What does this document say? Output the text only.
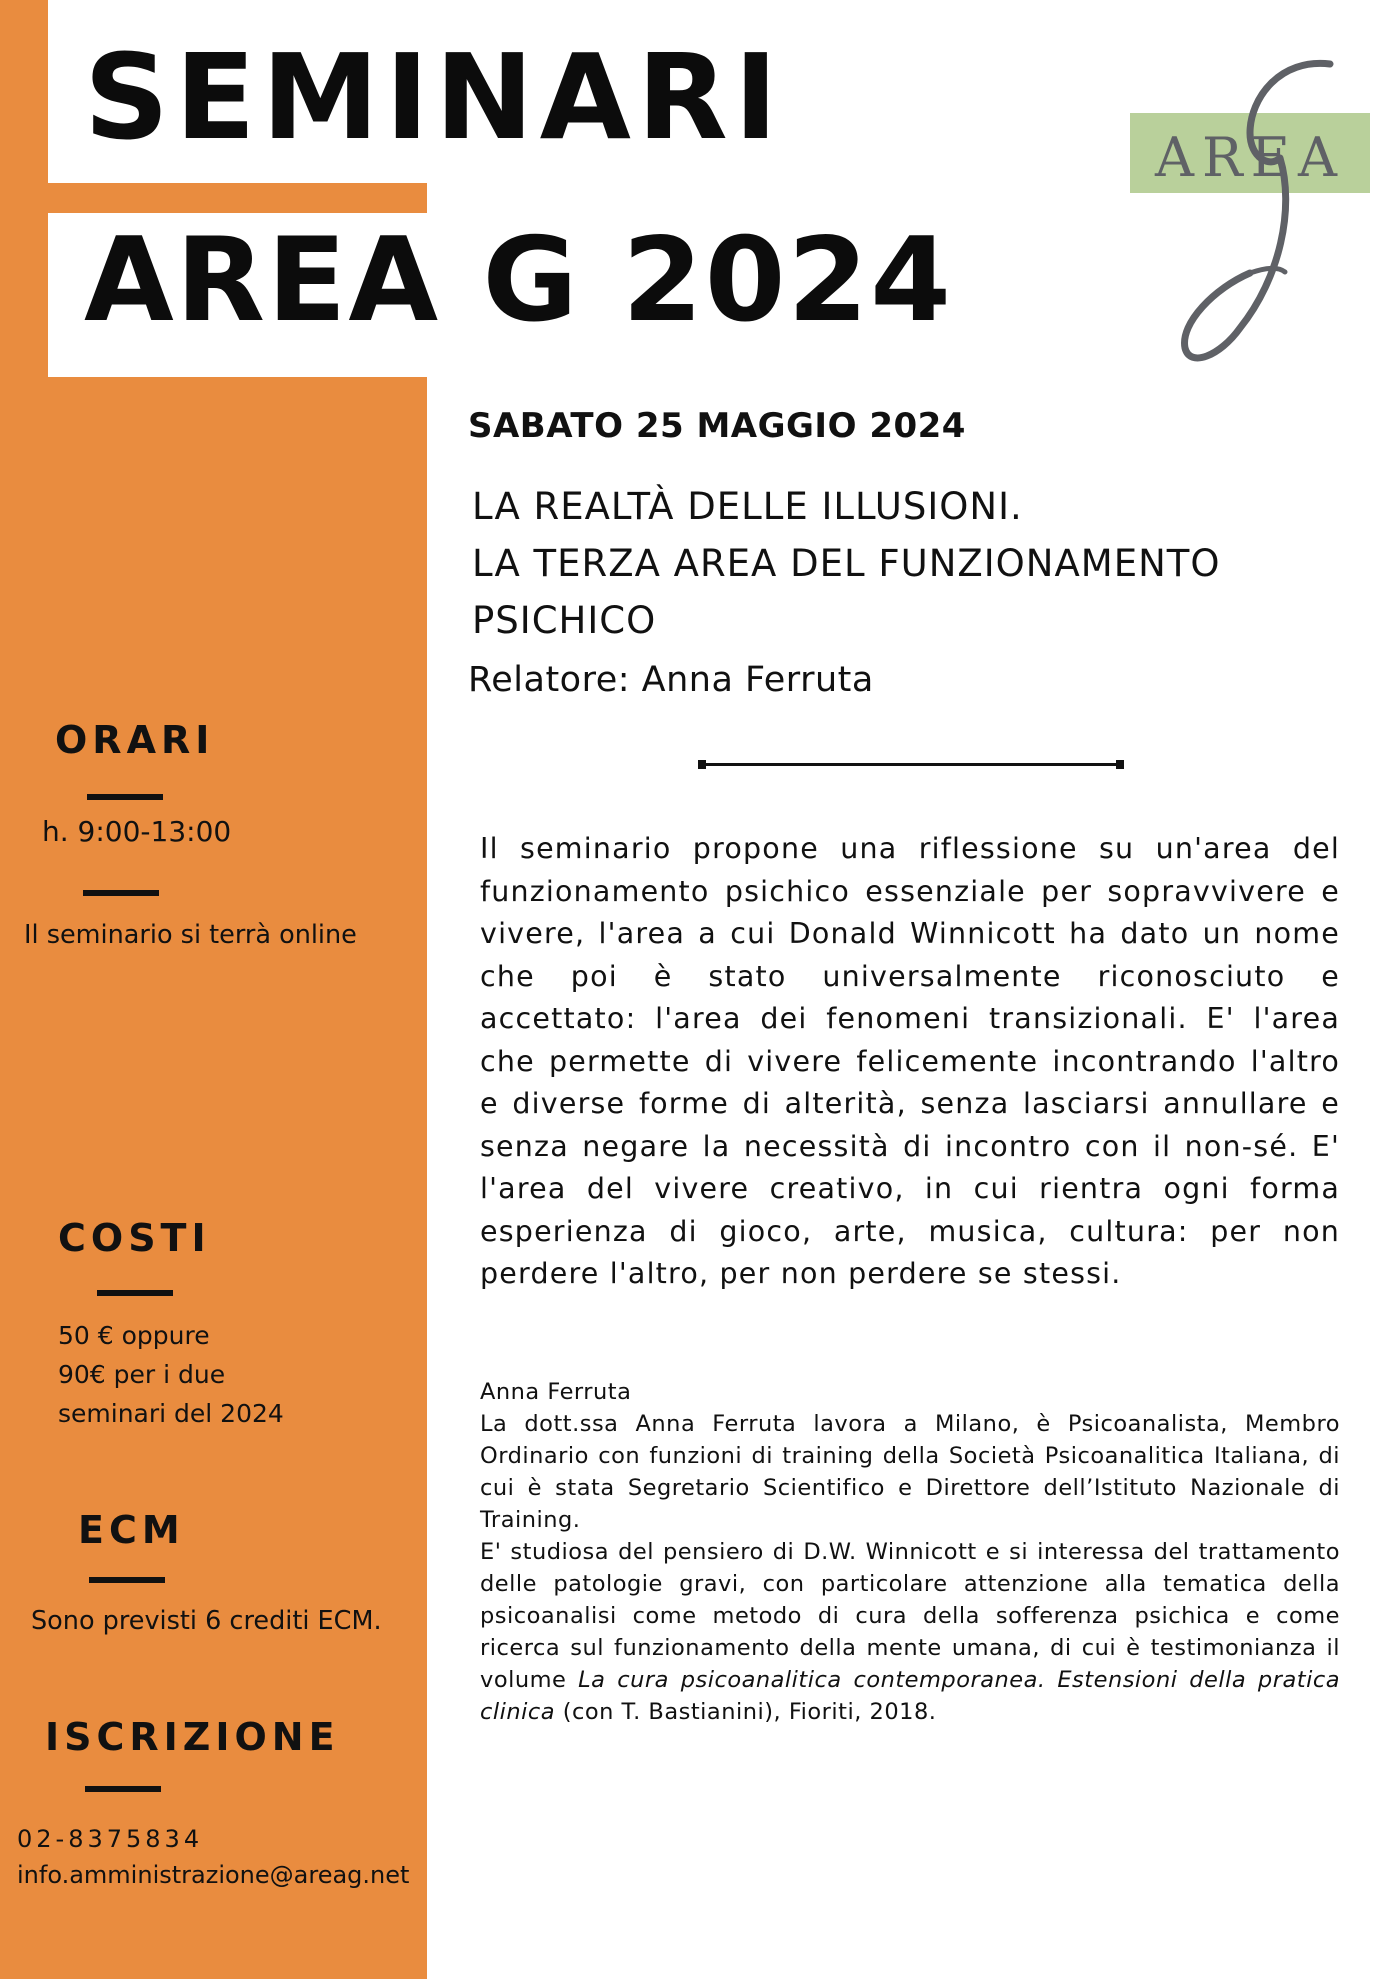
SEMINARI
AREA G 2024
AREA
SABATO 25 MAGGIO 2024
LA REALTÀ DELLE ILLUSIONI.
LA TERZA AREA DEL FUNZIONAMENTO
PSICHICO
Relatore: Anna Ferruta

Il seminario propone una riflessione su un'area del funzionamento psichico essenziale per sopravvivere e vivere, l'area a cui Donald Winnicott ha dato un nome che poi è stato universalmente riconosciuto e accettato: l'area dei fenomeni transizionali. E' l'area che permette di vivere felicemente incontrando l'altro e diverse forme di alterità, senza lasciarsi annullare e senza negare la necessità di incontro con il non-sé. E' l'area del vivere creativo, in cui rientra ogni forma esperienza di gioco, arte, musica, cultura: per non perdere l'altro, per non perdere se stessi.

Anna Ferruta

La dott.ssa Anna Ferruta lavora a Milano, è Psicoanalista, Membro Ordinario con funzioni di training della Società Psicoanalitica Italiana, di cui è stata Segretario Scientifico e Direttore dell’Istituto Nazionale di Training.

E' studiosa del pensiero di D.W. Winnicott e si interessa del trattamento delle patologie gravi, con particolare attenzione alla tematica della psicoanalisi come metodo di cura della sofferenza psichica e come ricerca sul funzionamento della mente umana, di cui è testimonianza il volume La cura psicoanalitica contemporanea. Estensioni della pratica clinica (con T. Bastianini), Fioriti, 2018.

ORARI
h. 9:00-13:00
Il seminario si terrà online
COSTI
50 € oppure
90€ per i due
seminari del 2024
ECM
Sono previsti 6 crediti ECM.
ISCRIZIONE
02-8375834
info.amministrazione@areag.net
